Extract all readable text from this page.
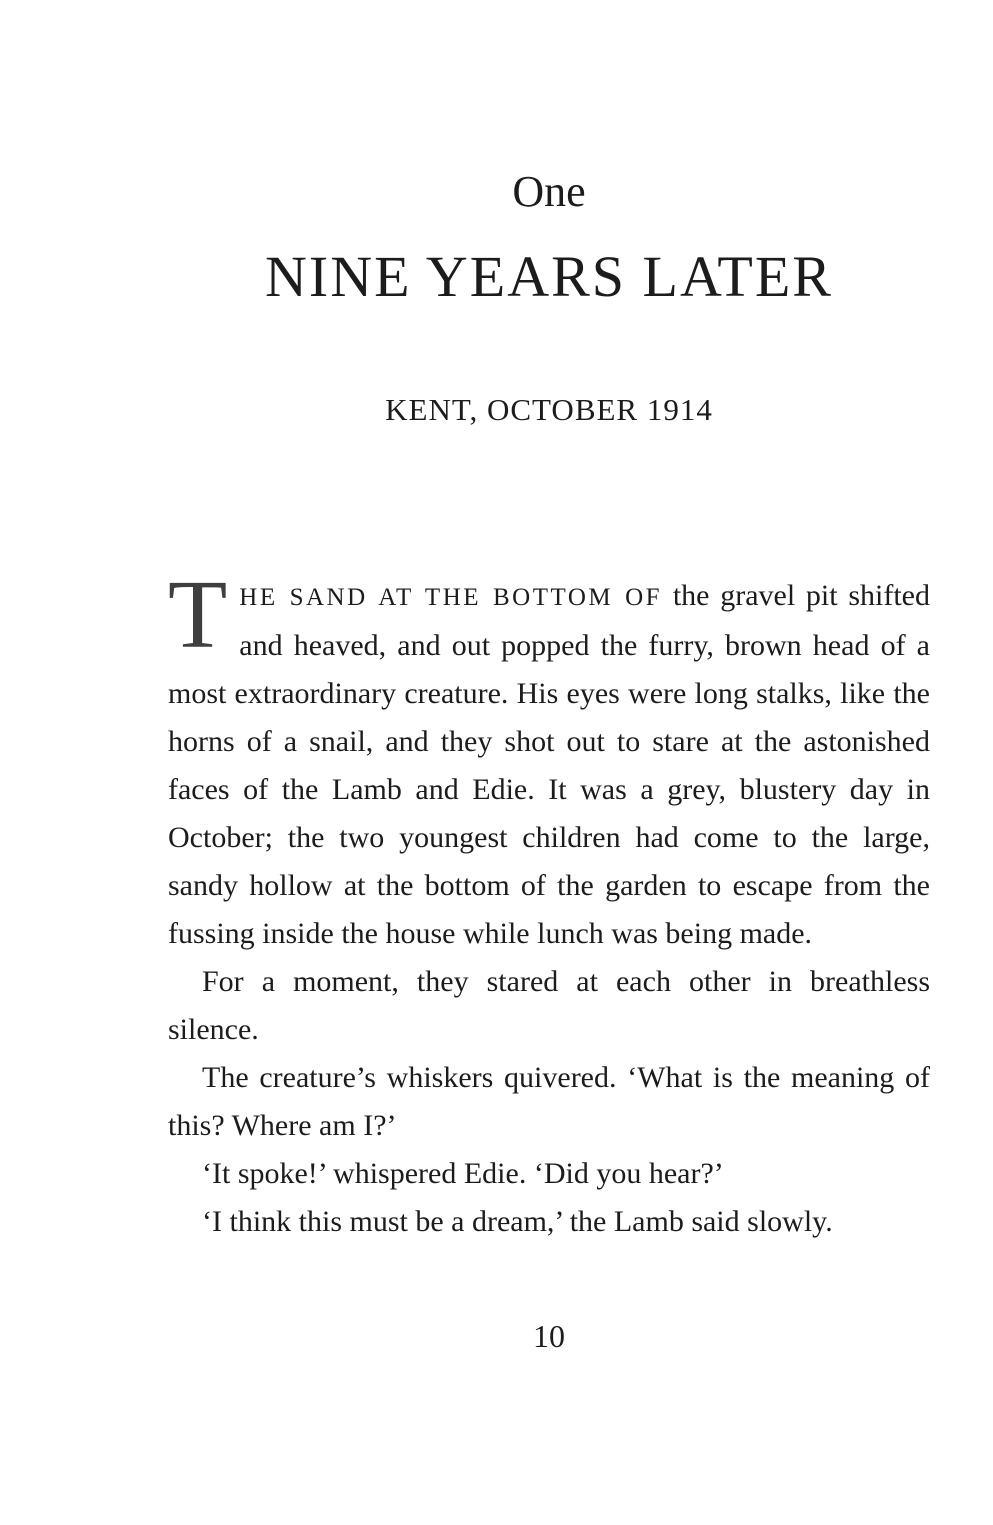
One
NINE YEARS LATER
KENT, OCTOBER 1914

THE SAND AT THE BOTTOM OF the gravel pit shifted and heaved, and out popped the furry, brown head of a most extraordinary creature. His eyes were long stalks, like the horns of a snail, and they shot out to stare at the astonished faces of the Lamb and Edie. It was a grey, blustery day in October; the two youngest children had come to the large, sandy hollow at the bottom of the garden to escape from the fussing inside the house while lunch was being made.

For a moment, they stared at each other in breathless silence.

The creature’s whiskers quivered. ‘What is the meaning of this? Where am I?’

‘It spoke!’ whispered Edie. ‘Did you hear?’

‘I think this must be a dream,’ the Lamb said slowly.

10
